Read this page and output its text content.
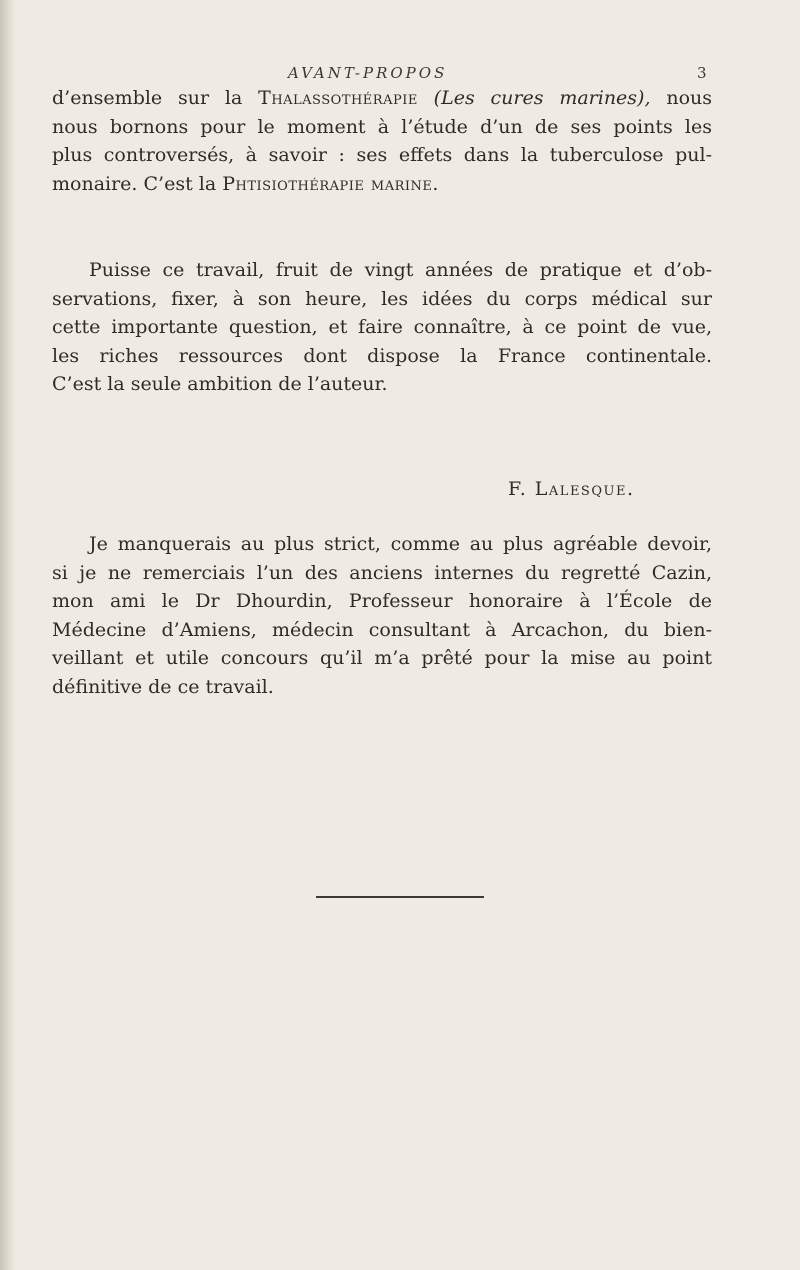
AVANT-PROPOS	3
d’ensemble sur la Thalassothérapie (Les cures marines), nous
nous bornons pour le moment à l’étude d’un de ses points les
plus controversés, à savoir : ses effets dans la tuberculose pul-
monaire. C’est la Phtisiothérapie marine.
Puisse ce travail, fruit de vingt années de pratique et d’ob-
servations, fixer, à son heure, les idées du corps médical sur
cette importante question, et faire connaître, à ce point de vue,
les riches ressources dont dispose la France continentale.
C’est la seule ambition de l’auteur.
F. Lalesque.
Je manquerais au plus strict, comme au plus agréable devoir,
si je ne remerciais l’un des anciens internes du regretté Cazin,
mon ami le Dr Dhourdin, Professeur honoraire à l’École de
Médecine d’Amiens, médecin consultant à Arcachon, du bien-
veillant et utile concours qu’il m’a prêté pour la mise au point
définitive de ce travail.
